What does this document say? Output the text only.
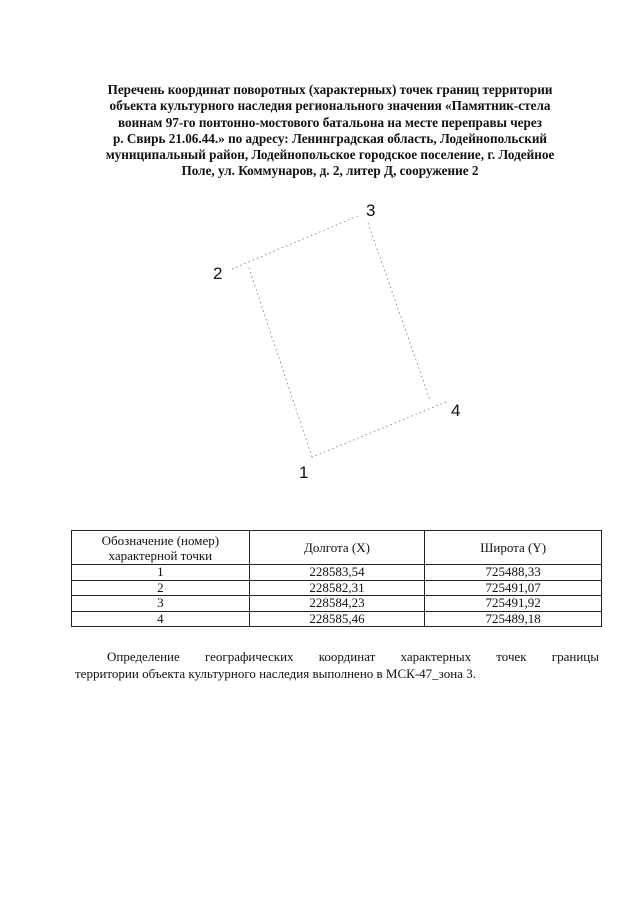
Перечень координат поворотных (характерных) точек границ территории
объекта культурного наследия регионального значения «Памятник-стела
воинам 97-го понтонно-мостового батальона на месте переправы через
р. Свирь 21.06.44.» по адресу: Ленинградская область, Лодейнопольский
муниципальный район, Лодейнопольское городское поселение, г. Лодейное
Поле, ул. Коммунаров, д. 2, литер Д, сооружение 2
1
2
3
4
Обозначение (номер) характерной точки	Долгота (X)	Широта (Y)
1	228583,54	725488,33
2	228582,31	725491,07
3	228584,23	725491,92
4	228585,46	725489,18
Определение географических координат характерных точек границы
территории объекта культурного наследия выполнено в МСК-47_зона 3.
